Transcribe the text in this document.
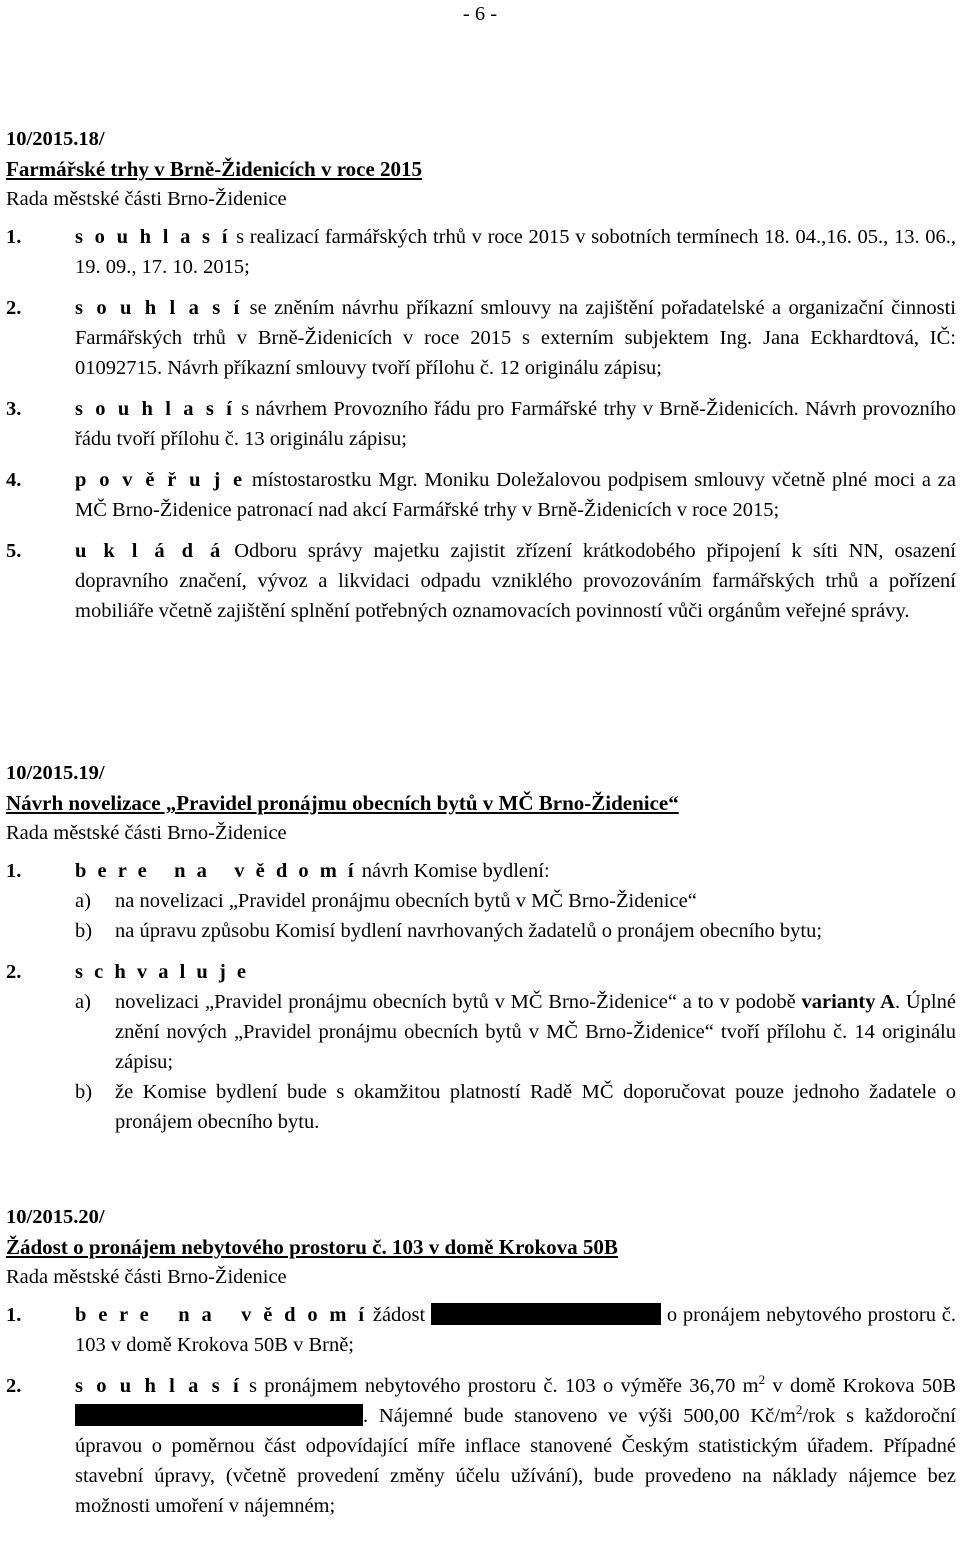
- 6 -
10/2015.18/
Farmářské trhy v Brně-Židenicích v roce 2015
Rada městské části Brno-Židenice
1.	s o u h l a s í s realizací farmářských trhů v roce 2015 v sobotních termínech 18. 04.,16. 05., 13. 06., 19. 09., 17. 10. 2015;
2.	s o u h l a s í se zněním návrhu příkazní smlouvy na zajištění pořadatelské a organizační činnosti Farmářských trhů v Brně-Židenicích v roce 2015 s externím subjektem Ing. Jana Eckhardtová, IČ: 01092715. Návrh příkazní smlouvy tvoří přílohu č. 12 originálu zápisu;
3.	s o u h l a s í s návrhem Provozního řádu pro Farmářské trhy v Brně-Židenicích. Návrh provozního řádu tvoří přílohu č. 13 originálu zápisu;
4.	p o v ě ř u j e místostarostku Mgr. Moniku Doležalovou podpisem smlouvy včetně plné moci a za MČ Brno-Židenice patronací nad akcí Farmářské trhy v Brně-Židenicích v roce 2015;
5.	u k l á d á Odboru správy majetku zajistit zřízení krátkodobého připojení k síti NN, osazení dopravního značení, vývoz a likvidaci odpadu vzniklého provozováním farmářských trhů a pořízení mobiliáře včetně zajištění splnění potřebných oznamovacích povinností vůči orgánům veřejné správy.
10/2015.19/
Návrh novelizace „Pravidel pronájmu obecních bytů v MČ Brno-Židenice“
Rada městské části Brno-Židenice
1.	b e r e   n a   v ě d o m í návrh Komise bydlení:
a) na novelizaci „Pravidel pronájmu obecních bytů v MČ Brno-Židenice“
b) na úpravu způsobu Komisí bydlení navrhovaných žadatelů o pronájem obecního bytu;
2.	s c h v a l u j e
a) novelizaci „Pravidel pronájmu obecních bytů v MČ Brno-Židenice“ a to v podobě varianty A. Úplné znění nových „Pravidel pronájmu obecních bytů v MČ Brno-Židenice“ tvoří přílohu č. 14 originálu zápisu;
b) že Komise bydlení bude s okamžitou platností Radě MČ doporučovat pouze jednoho žadatele o pronájem obecního bytu.
10/2015.20/
Žádost o pronájem nebytového prostoru č. 103 v domě Krokova 50B
Rada městské části Brno-Židenice
1.	b e r e   n a   v ě d o m í žádost	o pronájem nebytového prostoru č. 103 v domě Krokova 50B v Brně;
2.	s o u h l a s í s pronájmem nebytového prostoru č. 103 o výměře 36,70 $m^2$ v domě Krokova 50B . Nájemné bude stanoveno ve výši 500,00 $Kč/m^2$/rok s každoroční úpravou o poměrnou část odpovídající míře inflace stanovené Českým statistickým úřadem. Případné stavební úpravy, (včetně provedení změny účelu užívání), bude provedeno na náklady nájemce bez možnosti umoření v nájemném;
